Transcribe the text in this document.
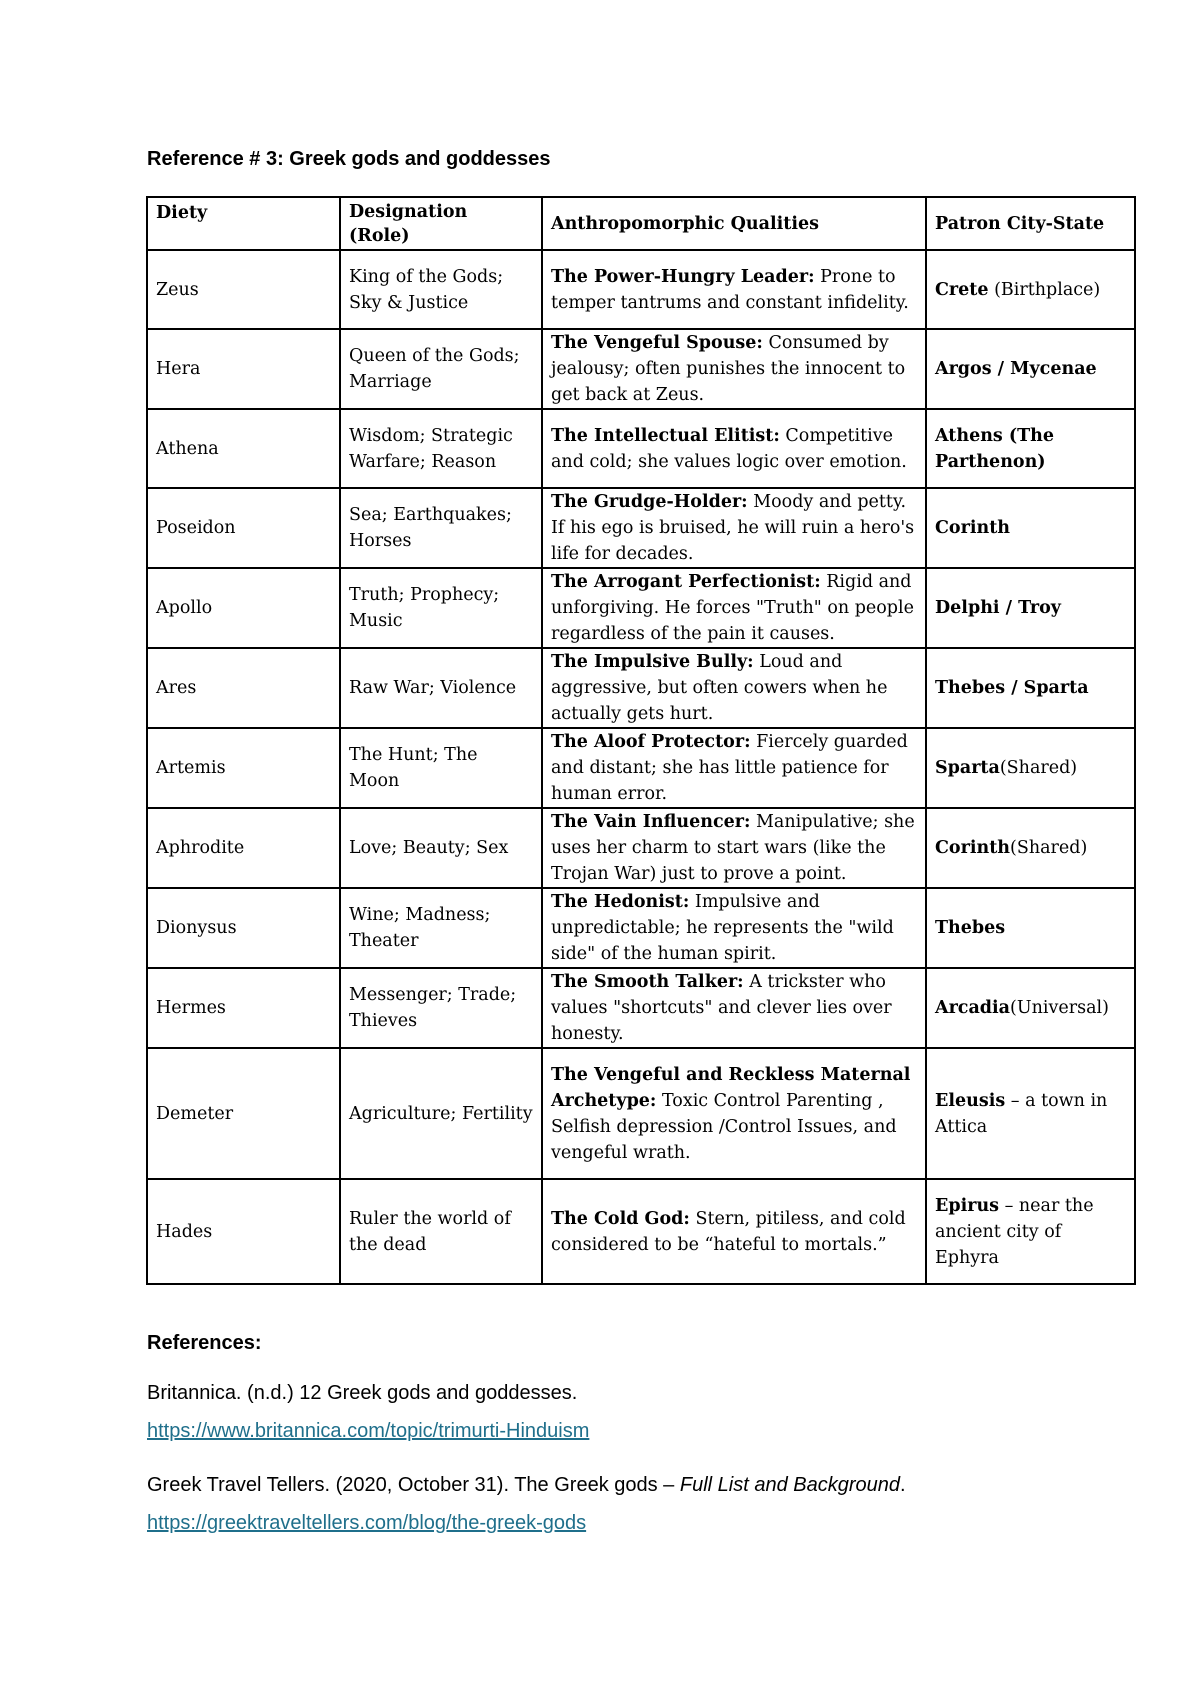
Reference # 3: Greek gods and goddesses
Diety	Designation (Role)	Anthropomorphic Qualities	Patron City-State
Zeus	King of the Gods; Sky & Justice	The Power-Hungry Leader: Prone to temper tantrums and constant infidelity.	Crete (Birthplace)
Hera	Queen of the Gods; Marriage	The Vengeful Spouse: Consumed by jealousy; often punishes the innocent to get back at Zeus.	Argos / Mycenae
Athena	Wisdom; Strategic Warfare; Reason	The Intellectual Elitist: Competitive and cold; she values logic over emotion.	Athens (The Parthenon)
Poseidon	Sea; Earthquakes; Horses	The Grudge-Holder: Moody and petty. If his ego is bruised, he will ruin a hero's life for decades.	Corinth
Apollo	Truth; Prophecy; Music	The Arrogant Perfectionist: Rigid and unforgiving. He forces "Truth" on people regardless of the pain it causes.	Delphi / Troy
Ares	Raw War; Violence	The Impulsive Bully: Loud and aggressive, but often cowers when he actually gets hurt.	Thebes / Sparta
Artemis	The Hunt; The Moon	The Aloof Protector: Fiercely guarded and distant; she has little patience for human error.	Sparta(Shared)
Aphrodite	Love; Beauty; Sex	The Vain Influencer: Manipulative; she uses her charm to start wars (like the Trojan War) just to prove a point.	Corinth(Shared)
Dionysus	Wine; Madness; Theater	The Hedonist: Impulsive and unpredictable; he represents the "wild side" of the human spirit.	Thebes
Hermes	Messenger; Trade; Thieves	The Smooth Talker: A trickster who values "shortcuts" and clever lies over honesty.	Arcadia(Universal)
Demeter	Agriculture; Fertility	The Vengeful and Reckless Maternal Archetype: Toxic Control Parenting , Selfish depression /Control Issues, and vengeful wrath.	Eleusis – a town in Attica
Hades	Ruler the world of the dead	The Cold God: Stern, pitiless, and cold considered to be “hateful to mortals.”	Epirus – near the ancient city of Ephyra

References:

Britannica. (n.d.) 12 Greek gods and goddesses.
https://www.britannica.com/topic/trimurti-Hinduism
Greek Travel Tellers. (2020, October 31). The Greek gods – Full List and Background.
https://greektraveltellers.com/blog/the-greek-gods
